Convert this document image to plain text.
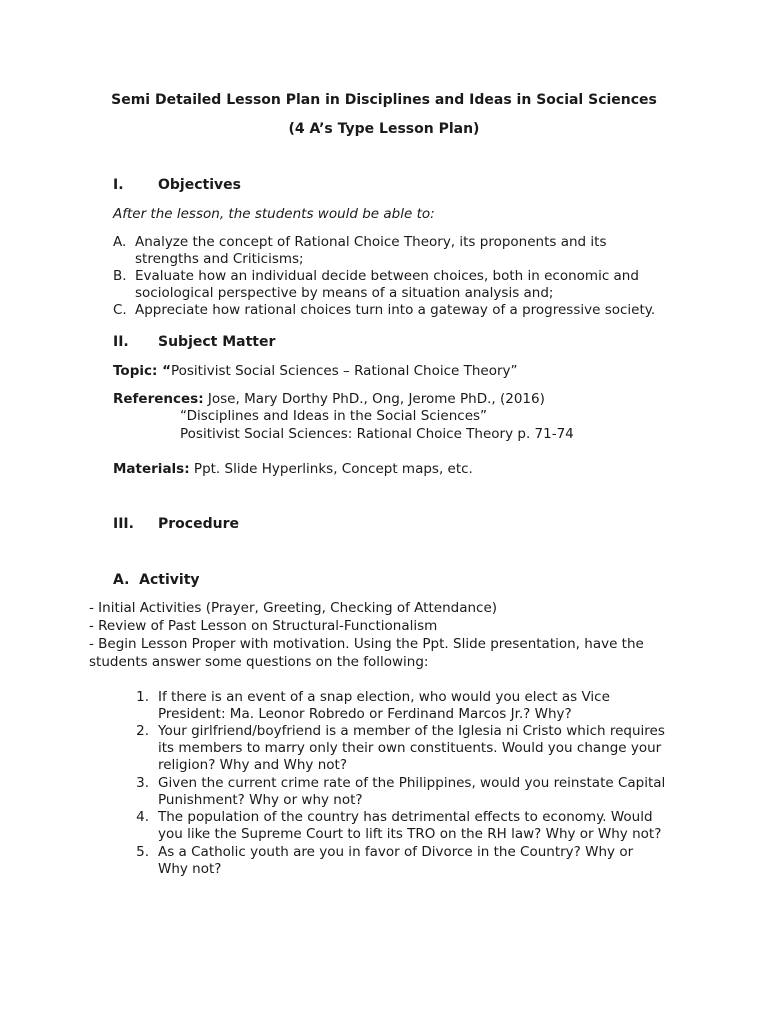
Semi Detailed Lesson Plan in Disciplines and Ideas in Social Sciences
(4 A’s Type Lesson Plan)
I. Objectives
After the lesson, the students would be able to:
A. Analyze the concept of Rational Choice Theory, its proponents and its
strengths and Criticisms;
B. Evaluate how an individual decide between choices, both in economic and
sociological perspective by means of a situation analysis and;
C. Appreciate how rational choices turn into a gateway of a progressive society.
II. Subject Matter
Topic: “Positivist Social Sciences – Rational Choice Theory”
References: Jose, Mary Dorthy PhD., Ong, Jerome PhD., (2016)
“Disciplines and Ideas in the Social Sciences”
Positivist Social Sciences: Rational Choice Theory p. 71-74
Materials: Ppt. Slide Hyperlinks, Concept maps, etc.
III. Procedure
A.  Activity
- Initial Activities (Prayer, Greeting, Checking of Attendance)
- Review of Past Lesson on Structural-Functionalism
- Begin Lesson Proper with motivation. Using the Ppt. Slide presentation, have the
students answer some questions on the following:
1. If there is an event of a snap election, who would you elect as Vice
President: Ma. Leonor Robredo or Ferdinand Marcos Jr.? Why?
2. Your girlfriend/boyfriend is a member of the Iglesia ni Cristo which requires
its members to marry only their own constituents. Would you change your
religion? Why and Why not?
3. Given the current crime rate of the Philippines, would you reinstate Capital
Punishment? Why or why not?
4. The population of the country has detrimental effects to economy. Would
you like the Supreme Court to lift its TRO on the RH law? Why or Why not?
5. As a Catholic youth are you in favor of Divorce in the Country? Why or
Why not?
